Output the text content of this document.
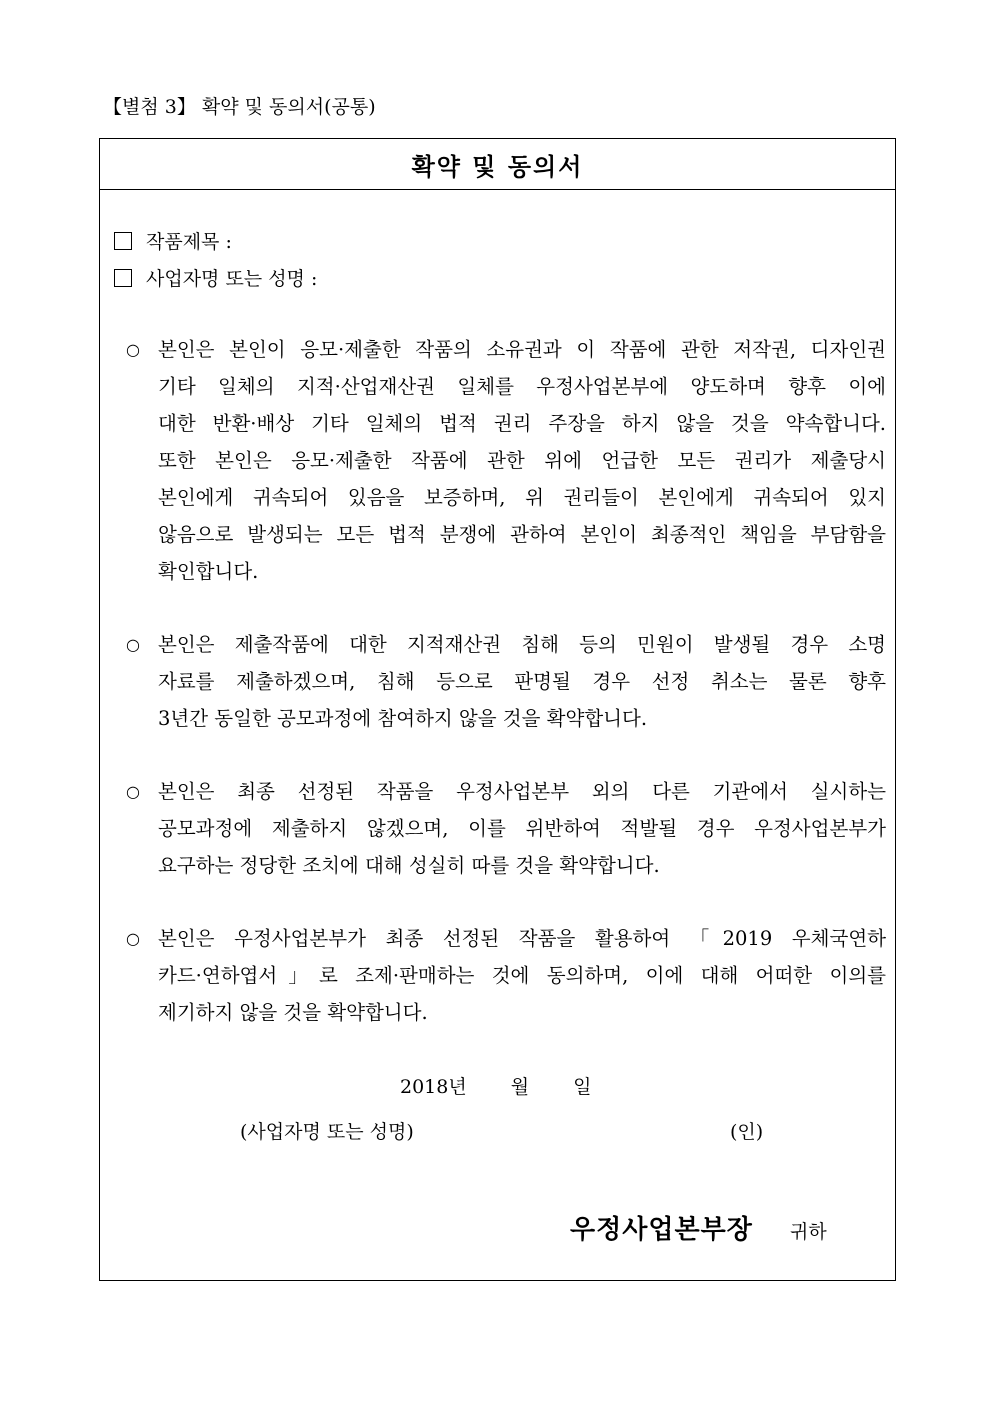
【별첨 3】 확약 및 동의서(공통)
확약 및 동의서
작품제목 :
사업자명 또는 성명 :
○ 본인은 본인이 응모·제출한 작품의 소유권과 이 작품에 관한 저작권, 디자인권
기타 일체의 지적·산업재산권 일체를 우정사업본부에 양도하며 향후 이에
대한 반환·배상 기타 일체의 법적 권리 주장을 하지 않을 것을 약속합니다.
또한 본인은 응모·제출한 작품에 관한 위에 언급한 모든 권리가 제출당시
본인에게 귀속되어 있음을 보증하며, 위 권리들이 본인에게 귀속되어 있지
않음으로 발생되는 모든 법적 분쟁에 관하여 본인이 최종적인 책임을 부담함을
확인합니다.
○ 본인은 제출작품에 대한 지적재산권 침해 등의 민원이 발생될 경우 소명
자료를 제출하겠으며, 침해 등으로 판명될 경우 선정 취소는 물론 향후
3년간 동일한 공모과정에 참여하지 않을 것을 확약합니다.
○ 본인은 최종 선정된 작품을 우정사업본부 외의 다른 기관에서 실시하는
공모과정에 제출하지 않겠으며, 이를 위반하여 적발될 경우 우정사업본부가
요구하는 정당한 조치에 대해 성실히 따를 것을 확약합니다.
○ 본인은 우정사업본부가 최종 선정된 작품을 활용하여 「2019 우체국연하
카드·연하엽서」로 조제·판매하는 것에 동의하며, 이에 대해 어떠한 이의를
제기하지 않을 것을 확약합니다.
2018년　　 월　　 일
(사업자명 또는 성명)	(인)
우정사업본부장 귀하
